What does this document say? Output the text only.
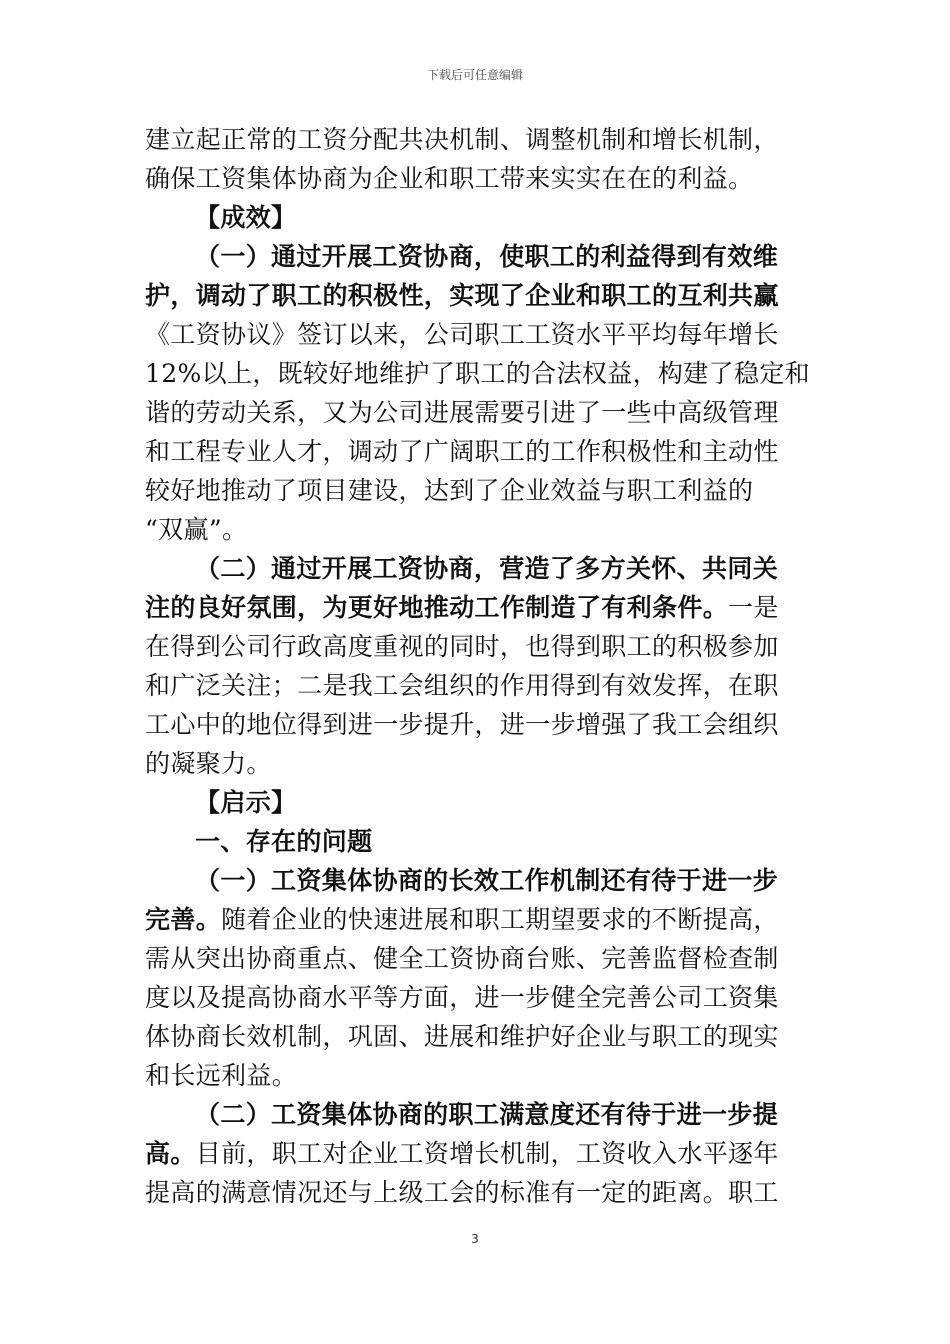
下载后可任意编辑
建立起正常的工资分配共决机制、调整机制和增长机制，
确保工资集体协商为企业和职工带来实实在在的利益。
【成效】
（一）通过开展工资协商，使职工的利益得到有效维
护，调动了职工的积极性，实现了企业和职工的互利共赢
《工资协议》签订以来，公司职工工资水平平均每年增长
12%以上，既较好地维护了职工的合法权益，构建了稳定和
谐的劳动关系，又为公司进展需要引进了一些中高级管理
和工程专业人才，调动了广阔职工的工作积极性和主动性
较好地推动了项目建设，达到了企业效益与职工利益的
“双赢”。
（二）通过开展工资协商，营造了多方关怀、共同关
注的良好氛围，为更好地推动工作制造了有利条件。一是
在得到公司行政高度重视的同时，也得到职工的积极参加
和广泛关注；二是我工会组织的作用得到有效发挥，在职
工心中的地位得到进一步提升，进一步增强了我工会组织
的凝聚力。
【启示】
一、存在的问题
（一）工资集体协商的长效工作机制还有待于进一步
完善。随着企业的快速进展和职工期望要求的不断提高，
需从突出协商重点、健全工资协商台账、完善监督检查制
度以及提高协商水平等方面，进一步健全完善公司工资集
体协商长效机制，巩固、进展和维护好企业与职工的现实
和长远利益。
（二）工资集体协商的职工满意度还有待于进一步提
高。目前，职工对企业工资增长机制，工资收入水平逐年
提高的满意情况还与上级工会的标准有一定的距离。职工
3
